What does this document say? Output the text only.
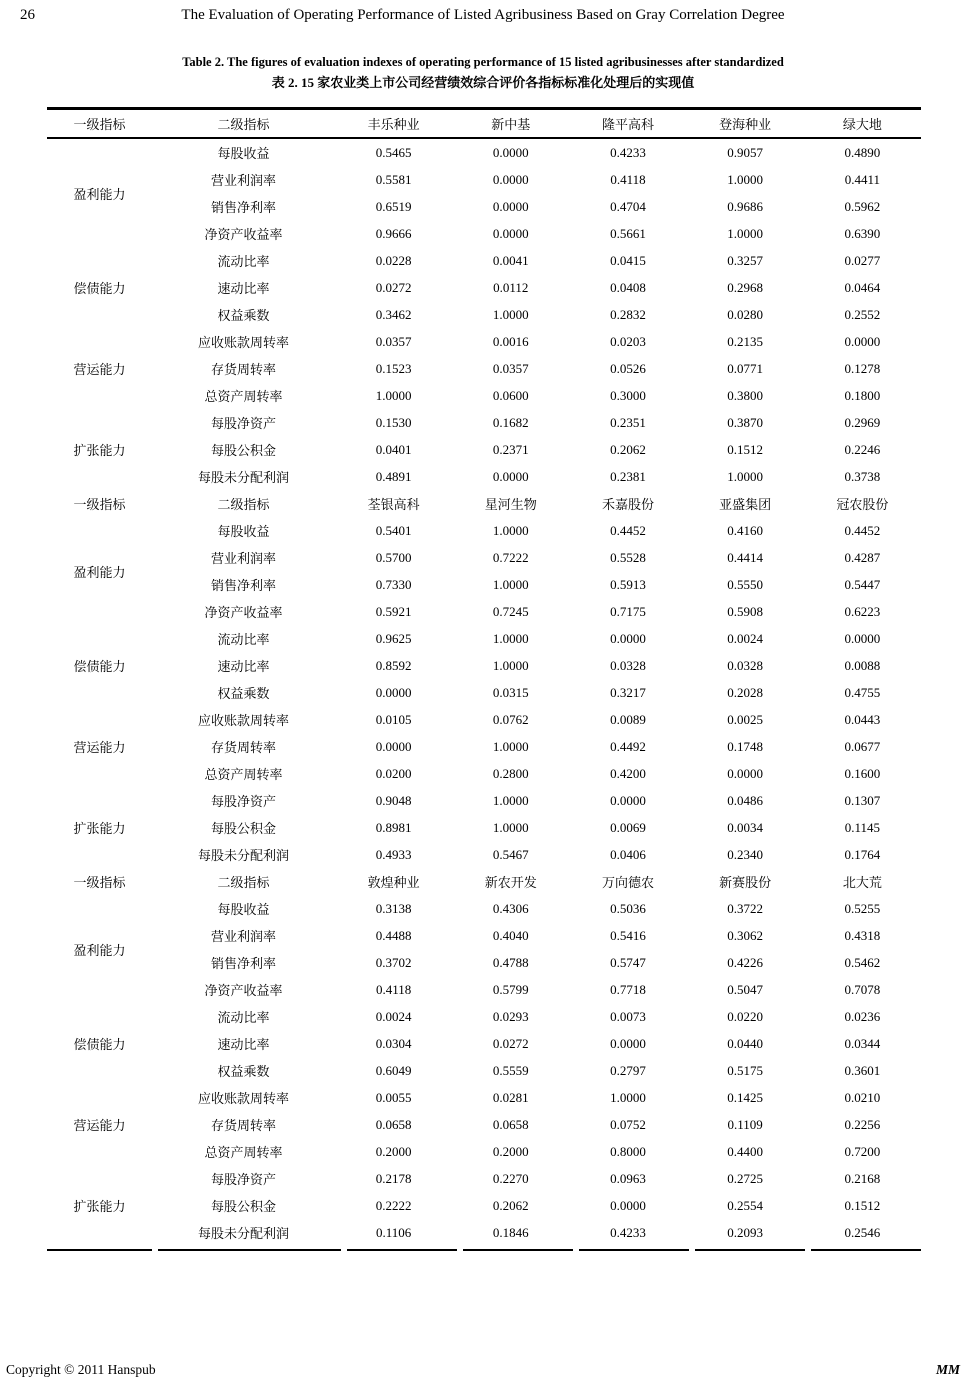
26	The Evaluation of Operating Performance of Listed Agribusiness Based on Gray Correlation Degree
Table 2. The figures of evaluation indexes of operating performance of 15 listed agribusinesses after standardized
表 2. 15 家农业类上市公司经营绩效综合评价各指标标准化处理后的实现值
一级指标	二级指标	丰乐种业	新中基	隆平高科	登海种业	绿大地
盈利能力	每股收益	0.5465	0.0000	0.4233	0.9057	0.4890
	营业利润率	0.5581	0.0000	0.4118	1.0000	0.4411
	销售净利率	0.6519	0.0000	0.4704	0.9686	0.5962
	净资产收益率	0.9666	0.0000	0.5661	1.0000	0.6390
偿债能力	流动比率	0.0228	0.0041	0.0415	0.3257	0.0277
	速动比率	0.0272	0.0112	0.0408	0.2968	0.0464
	权益乘数	0.3462	1.0000	0.2832	0.0280	0.2552
营运能力	应收账款周转率	0.0357	0.0016	0.0203	0.2135	0.0000
	存货周转率	0.1523	0.0357	0.0526	0.0771	0.1278
	总资产周转率	1.0000	0.0600	0.3000	0.3800	0.1800
扩张能力	每股净资产	0.1530	0.1682	0.2351	0.3870	0.2969
	每股公积金	0.0401	0.2371	0.2062	0.1512	0.2246
	每股未分配利润	0.4891	0.0000	0.2381	1.0000	0.3738
一级指标	二级指标	荃银高科	星河生物	禾嘉股份	亚盛集团	冠农股份
盈利能力	每股收益	0.5401	1.0000	0.4452	0.4160	0.4452
	营业利润率	0.5700	0.7222	0.5528	0.4414	0.4287
	销售净利率	0.7330	1.0000	0.5913	0.5550	0.5447
	净资产收益率	0.5921	0.7245	0.7175	0.5908	0.6223
偿债能力	流动比率	0.9625	1.0000	0.0000	0.0024	0.0000
	速动比率	0.8592	1.0000	0.0328	0.0328	0.0088
	权益乘数	0.0000	0.0315	0.3217	0.2028	0.4755
营运能力	应收账款周转率	0.0105	0.0762	0.0089	0.0025	0.0443
	存货周转率	0.0000	1.0000	0.4492	0.1748	0.0677
	总资产周转率	0.0200	0.2800	0.4200	0.0000	0.1600
扩张能力	每股净资产	0.9048	1.0000	0.0000	0.0486	0.1307
	每股公积金	0.8981	1.0000	0.0069	0.0034	0.1145
	每股未分配利润	0.4933	0.5467	0.0406	0.2340	0.1764
一级指标	二级指标	敦煌种业	新农开发	万向德农	新赛股份	北大荒
盈利能力	每股收益	0.3138	0.4306	0.5036	0.3722	0.5255
	营业利润率	0.4488	0.4040	0.5416	0.3062	0.4318
	销售净利率	0.3702	0.4788	0.5747	0.4226	0.5462
	净资产收益率	0.4118	0.5799	0.7718	0.5047	0.7078
偿债能力	流动比率	0.0024	0.0293	0.0073	0.0220	0.0236
	速动比率	0.0304	0.0272	0.0000	0.0440	0.0344
	权益乘数	0.6049	0.5559	0.2797	0.5175	0.3601
营运能力	应收账款周转率	0.0055	0.0281	1.0000	0.1425	0.0210
	存货周转率	0.0658	0.0658	0.0752	0.1109	0.2256
	总资产周转率	0.2000	0.2000	0.8000	0.4400	0.7200
扩张能力	每股净资产	0.2178	0.2270	0.0963	0.2725	0.2168
	每股公积金	0.2222	0.2062	0.0000	0.2554	0.1512
	每股未分配利润	0.1106	0.1846	0.4233	0.2093	0.2546
Copyright © 2011 Hanspub	MM
